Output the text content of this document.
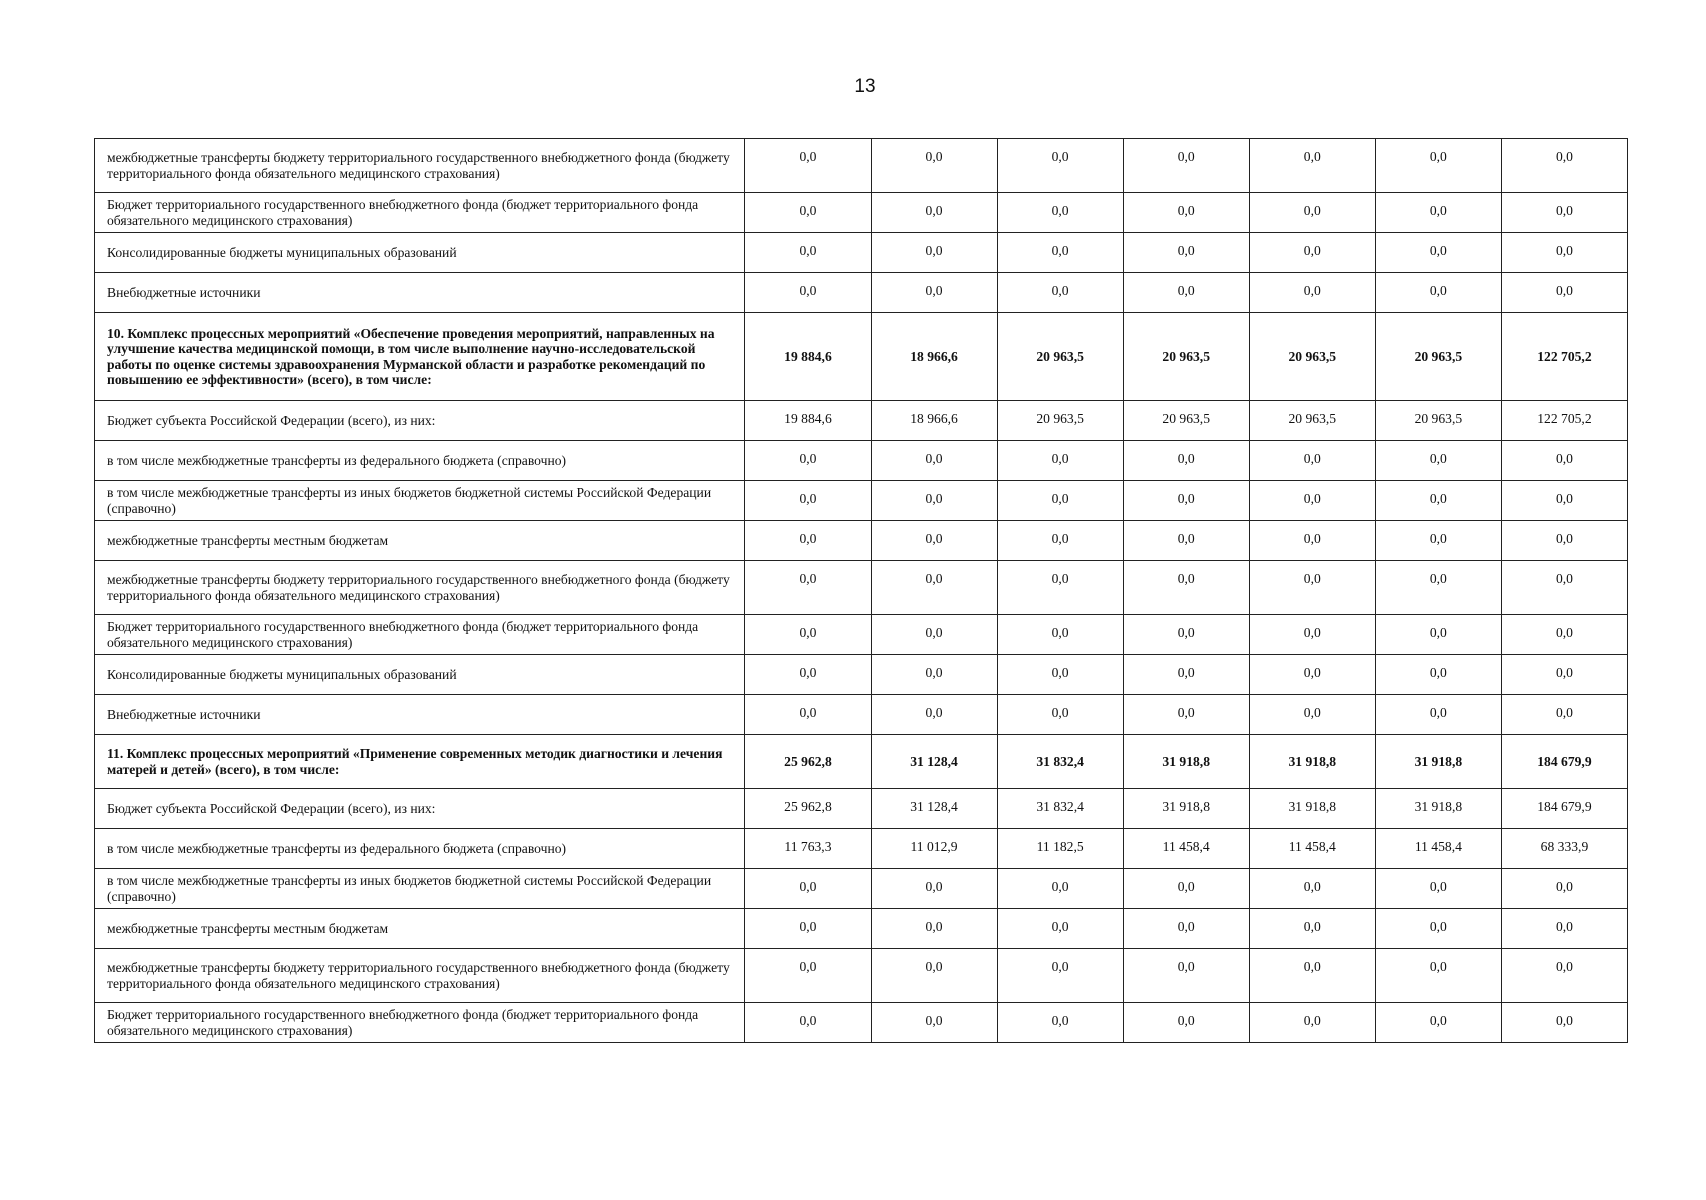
13
межбюджетные трансферты бюджету территориального государственного внебюджетного фонда (бюджету территориального фонда обязательного медицинского страхования)	0,0	0,0	0,0	0,0	0,0	0,0	0,0
Бюджет территориального государственного внебюджетного фонда (бюджет территориального фонда обязательного медицинского страхования)	0,0	0,0	0,0	0,0	0,0	0,0	0,0
Консолидированные бюджеты муниципальных образований	0,0	0,0	0,0	0,0	0,0	0,0	0,0
Внебюджетные источники	0,0	0,0	0,0	0,0	0,0	0,0	0,0
10. Комплекс процессных мероприятий «Обеспечение проведения мероприятий, направленных на улучшение качества медицинской помощи, в том числе выполнение научно-исследовательской работы по оценке системы здравоохранения Мурманской области и разработке рекомендаций по повышению ее эффективности» (всего), в том числе:	19 884,6	18 966,6	20 963,5	20 963,5	20 963,5	20 963,5	122 705,2
Бюджет субъекта Российской Федерации (всего), из них:	19 884,6	18 966,6	20 963,5	20 963,5	20 963,5	20 963,5	122 705,2
в том числе межбюджетные трансферты из федерального бюджета (справочно)	0,0	0,0	0,0	0,0	0,0	0,0	0,0
в том числе межбюджетные трансферты из иных бюджетов бюджетной системы Российской Федерации (справочно)	0,0	0,0	0,0	0,0	0,0	0,0	0,0
межбюджетные трансферты местным бюджетам	0,0	0,0	0,0	0,0	0,0	0,0	0,0
межбюджетные трансферты бюджету территориального государственного внебюджетного фонда (бюджету территориального фонда обязательного медицинского страхования)	0,0	0,0	0,0	0,0	0,0	0,0	0,0
Бюджет территориального государственного внебюджетного фонда (бюджет территориального фонда обязательного медицинского страхования)	0,0	0,0	0,0	0,0	0,0	0,0	0,0
Консолидированные бюджеты муниципальных образований	0,0	0,0	0,0	0,0	0,0	0,0	0,0
Внебюджетные источники	0,0	0,0	0,0	0,0	0,0	0,0	0,0
11. Комплекс процессных мероприятий «Применение современных методик диагностики и лечения матерей и детей» (всего), в том числе:	25 962,8	31 128,4	31 832,4	31 918,8	31 918,8	31 918,8	184 679,9
Бюджет субъекта Российской Федерации (всего), из них:	25 962,8	31 128,4	31 832,4	31 918,8	31 918,8	31 918,8	184 679,9
в том числе межбюджетные трансферты из федерального бюджета (справочно)	11 763,3	11 012,9	11 182,5	11 458,4	11 458,4	11 458,4	68 333,9
в том числе межбюджетные трансферты из иных бюджетов бюджетной системы Российской Федерации (справочно)	0,0	0,0	0,0	0,0	0,0	0,0	0,0
межбюджетные трансферты местным бюджетам	0,0	0,0	0,0	0,0	0,0	0,0	0,0
межбюджетные трансферты бюджету территориального государственного внебюджетного фонда (бюджету территориального фонда обязательного медицинского страхования)	0,0	0,0	0,0	0,0	0,0	0,0	0,0
Бюджет территориального государственного внебюджетного фонда (бюджет территориального фонда обязательного медицинского страхования)	0,0	0,0	0,0	0,0	0,0	0,0	0,0
